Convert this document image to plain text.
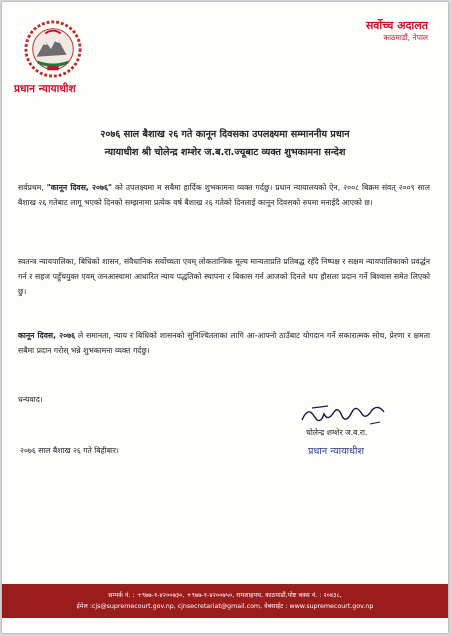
प्रधान न्यायाधीश
सर्वोच्च अदालत
काठमाडौं, नेपाल
२०७६ साल बैशाख २६ गते कानून दिवसका उपलक्ष्यमा सम्माननीय प्रधान
न्यायाधीश श्री चोलेन्द्र शम्शेर ज.ब.रा.ज्यूबाट व्यक्त शुभकामना सन्देश

सर्वप्रथम, "कानून दिवस, २०७६" को उपलक्ष्यमा म सबैमा हार्दिक शुभकामना व्यक्त गर्दछु। प्रधान न्यायालयको ऐन, २००८ बिक्रम संवत् २००९ साल बैशाख २६ गतेबाट लागू भएको दिनको सम्झनामा प्रत्येक वर्ष बैशाख २६ गतेको दिनलाई कानून दिवसको रुपमा मनाईदै आएको छ।

स्वतन्त्र न्यायपालिका, बिधिको शासन, संवैधानिक सर्वोच्चता एवम् लोकतान्त्रिक मूल्य मान्यताप्रति प्रतिबद्ध रहँदै निष्पक्ष र सक्षम न्यायपालिकाको प्रवर्द्धन गर्न र सहज पहुँचयुक्त एवम् जनआस्थामा आधारित न्याय पद्धतिको स्थापना र बिकास गर्न आजको दिनले थप हौसला प्रदान गर्ने बिश्वास समेत लिएको छु।

कानून दिवस, २०७६ ले समानता, न्याय र बिधिको शासनको सुनिश्चितताका लागि आ-आफ्नो ठाउँबाट योगदान गर्ने सकारात्मक सोच, प्रेरणा र क्षमता सबैमा प्रदान गरोस् भन्ने शुभकामना व्यक्त गर्दछु।

धन्यवाद।
चोलेन्द्र शम्शेर ज.ब.रा.
प्रधान न्यायाधीश
२०७६ साल बैशाख २६ गते बिहीबार।
सम्पर्क नं. : +९७७-१-४२००७३०, +९७७-१-४२००७५०, रामशाहपथ, काठमाडौं,पोष्ट बक्स नं. : २०४३८,
ईमेल :cjs@supremecourt.gov.np, cjnsecretariat@gmail.com, वेबसाईट : www.supremecourt.gov.np
